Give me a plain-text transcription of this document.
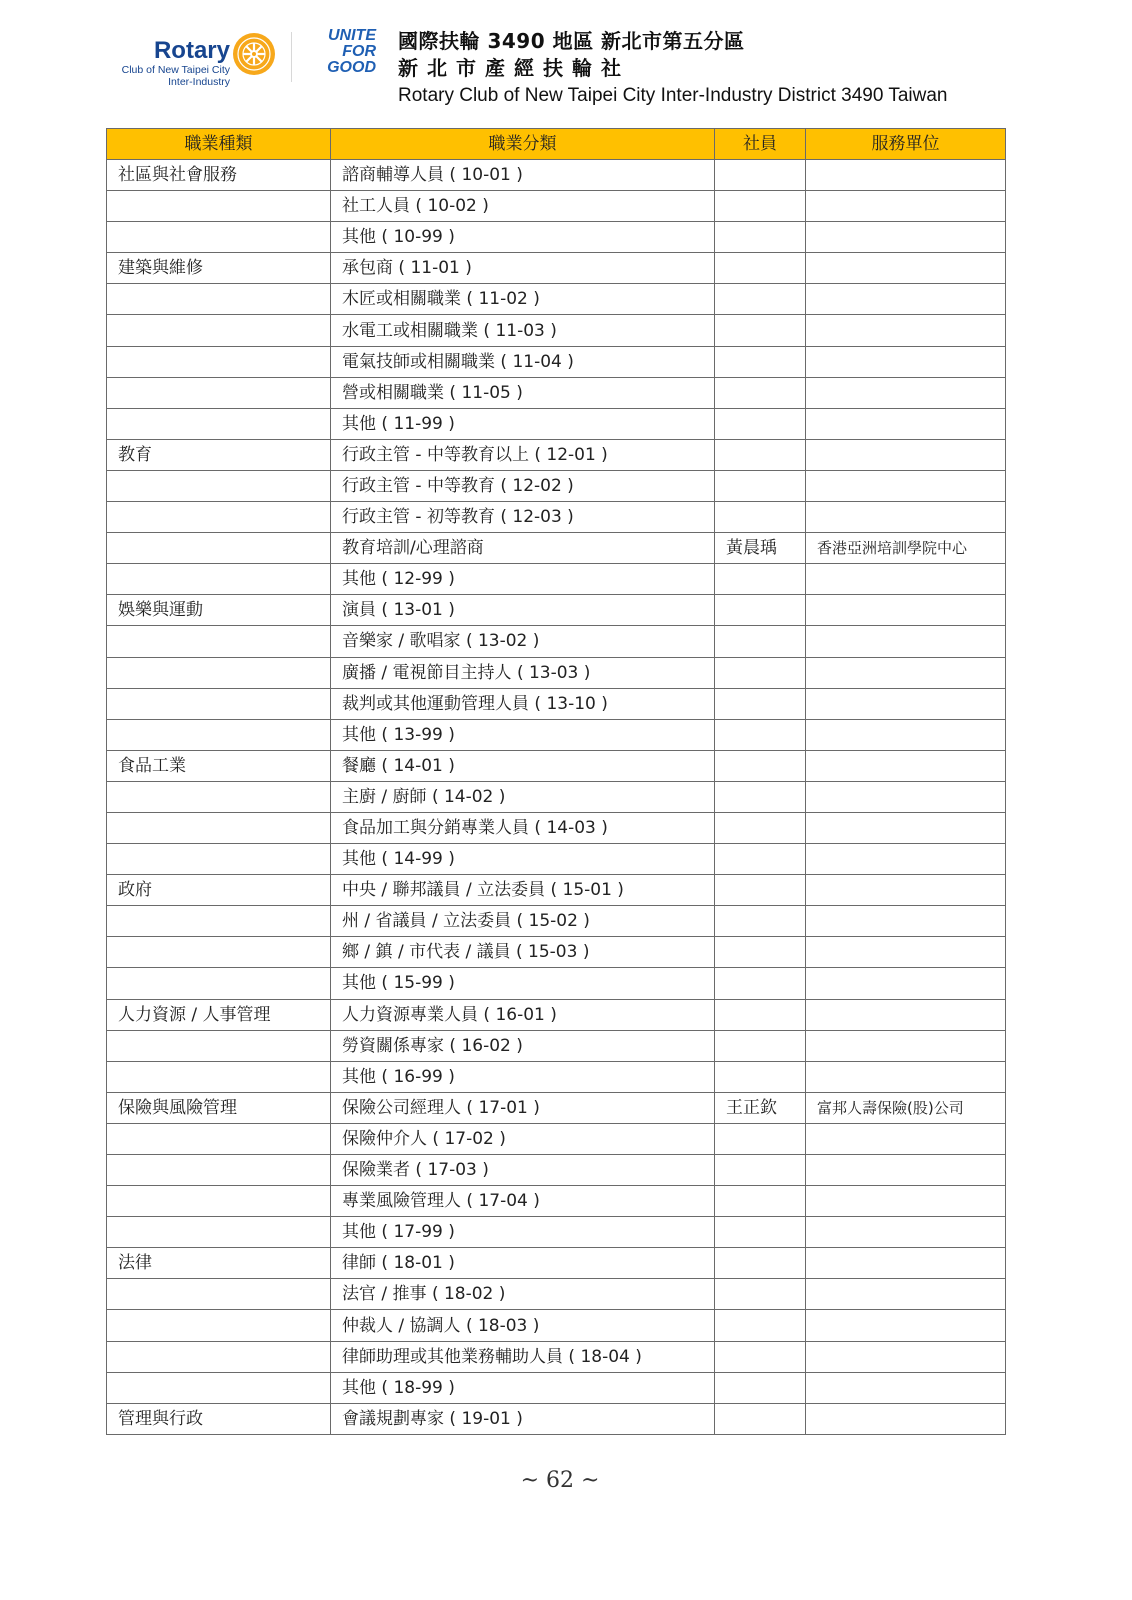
Rotary
Club of New Taipei City
Inter-Industry
UNITE
FOR
GOOD
國際扶輪 3490 地區 新北市第五分區
新北市產經扶輪社
Rotary Club of New Taipei City Inter-Industry District 3490 Taiwan
職業種類	職業分類	社員	服務單位
社區與社會服務	諮商輔導人員 ( 10-01 )		
	社工人員 ( 10-02 )		
	其他 ( 10-99 )		
建築與維修	承包商 ( 11-01 )		
	木匠或相關職業 ( 11-02 )		
	水電工或相關職業 ( 11-03 )		
	電氣技師或相關職業 ( 11-04 )		
	營或相關職業 ( 11-05 )		
	其他 ( 11-99 )		
教育	行政主管 - 中等教育以上 ( 12-01 )		
	行政主管 - 中等教育 ( 12-02 )		
	行政主管 - 初等教育 ( 12-03 )		
	教育培訓/心理諮商	黃晨瑀	香港亞洲培訓學院中心
	其他 ( 12-99 )		
娛樂與運動	演員 ( 13-01 )		
	音樂家 / 歌唱家 ( 13-02 )		
	廣播 / 電視節目主持人 ( 13-03 )		
	裁判或其他運動管理人員 ( 13-10 )		
	其他 ( 13-99 )		
食品工業	餐廳 ( 14-01 )		
	主廚 / 廚師 ( 14-02 )		
	食品加工與分銷專業人員 ( 14-03 )		
	其他 ( 14-99 )		
政府	中央 / 聯邦議員 / 立法委員 ( 15-01 )		
	州 / 省議員 / 立法委員 ( 15-02 )		
	鄉 / 鎮 / 市代表 / 議員 ( 15-03 )		
	其他 ( 15-99 )		
人力資源 / 人事管理	人力資源專業人員 ( 16-01 )		
	勞資關係專家 ( 16-02 )		
	其他 ( 16-99 )		
保險與風險管理	保險公司經理人 ( 17-01 )	王正欽	富邦人壽保險(股)公司
	保險仲介人 ( 17-02 )		
	保險業者 ( 17-03 )		
	專業風險管理人 ( 17-04 )		
	其他 ( 17-99 )		
法律	律師 ( 18-01 )		
	法官 / 推事 ( 18-02 )		
	仲裁人 / 協調人 ( 18-03 )		
	律師助理或其他業務輔助人員 ( 18-04 )		
	其他 ( 18-99 )		
管理與行政	會議規劃專家 ( 19-01 )		
~ 62 ~
